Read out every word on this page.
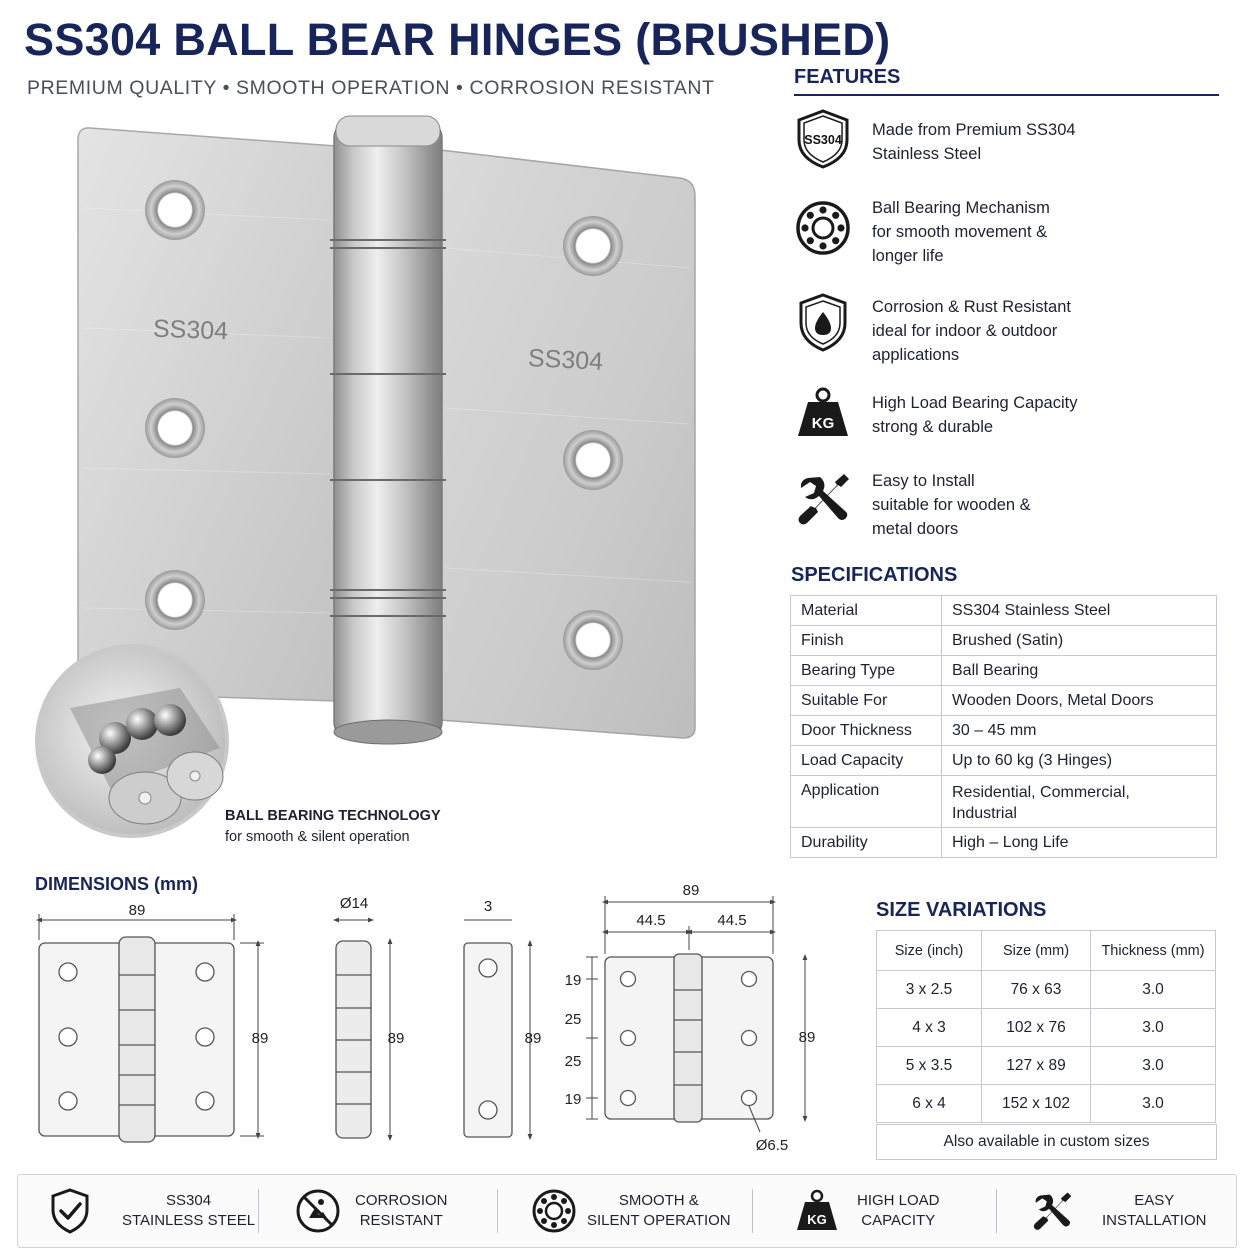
SS304 BALL BEAR HINGES (BRUSHED)
PREMIUM QUALITY • SMOOTH OPERATION • CORROSION RESISTANT
SS304
SS304
BALL BEARING TECHNOLOGY
for smooth & silent operation
FEATURES
SS304
Made from Premium SS304
Stainless Steel
Ball Bearing Mechanism
for smooth movement &
longer life
Corrosion & Rust Resistant
ideal for indoor & outdoor
applications
KG
High Load Bearing Capacity
strong & durable
Easy to Install
suitable for wooden &
metal doors
SPECIFICATIONS
Material	SS304 Stainless Steel
Finish	Brushed (Satin)
Bearing Type	Ball Bearing
Suitable For	Wooden Doors, Metal Doors
Door Thickness	30 – 45 mm
Load Capacity	Up to 60 kg (3 Hinges)
Application	Residential, Commercial,
Industrial
Durability	High – Long Life
DIMENSIONS (mm)
89
89
Ø14
89
3
89
89
44.5	44.5
89
19
25
25
19
Ø6.5
SIZE VARIATIONS
Size (inch)	Size (mm)	Thickness (mm)
3 x 2.5	76 x 63	3.0
4 x 3	102 x 76	3.0
5 x 3.5	127 x 89	3.0
6 x 4	152 x 102	3.0
Also available in custom sizes
SS304
STAINLESS STEEL
CORROSION
RESISTANT
SMOOTH &
SILENT OPERATION	KG
HIGH LOAD
CAPACITY
EASY
INSTALLATION
